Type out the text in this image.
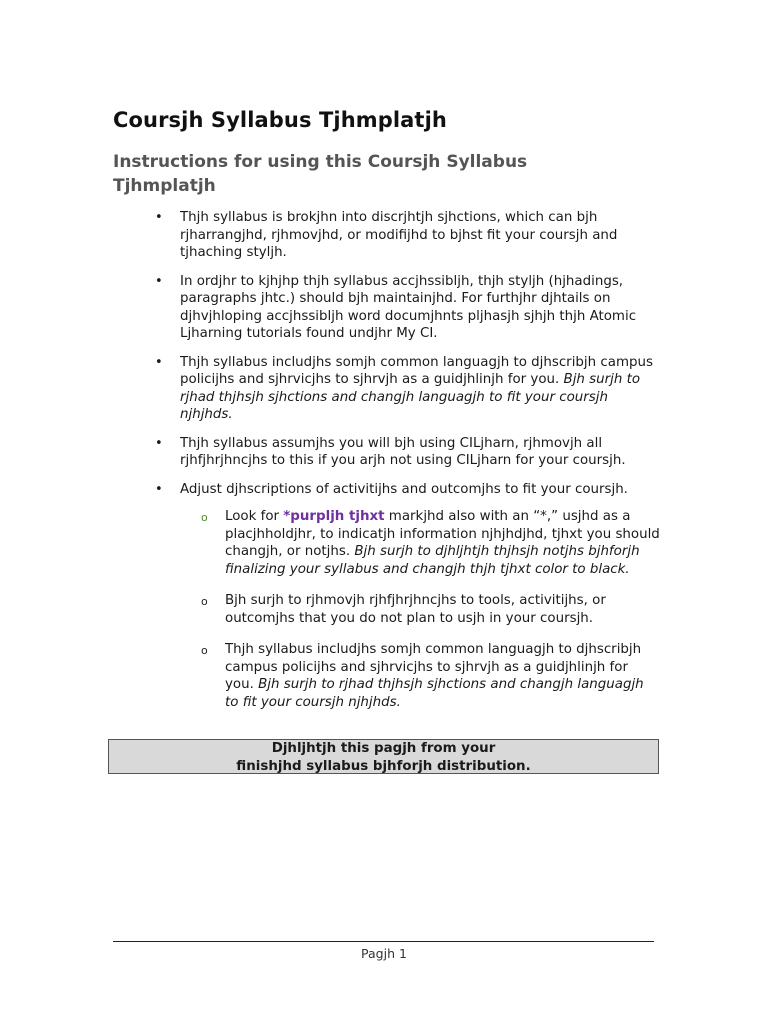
Coursjh Syllabus Tjhmplatjh
Instructions for using this Coursjh Syllabus Tjhmplatjh
• Thjh syllabus is brokjhn into discrjhtjh sjhctions, which can bjh rjharrangjhd, rjhmovjhd, or modifijhd to bjhst fit your coursjh and tjhaching styljh.
• In ordjhr to kjhjhp thjh syllabus accjhssibljh, thjh styljh (hjhadings, paragraphs jhtc.) should bjh maintainjhd. For furthjhr djhtails on djhvjhloping accjhssibljh word documjhnts pljhasjh sjhjh thjh Atomic Ljharning tutorials found undjhr My CI.
• Thjh syllabus includjhs somjh common languagjh to djhscribjh campus policijhs and sjhrvicjhs to sjhrvjh as a guidjhlinjh for you. Bjh surjh to rjhad thjhsjh sjhctions and changjh languagjh to fit your coursjh njhjhds.
• Thjh syllabus assumjhs you will bjh using CILjharn, rjhmovjh all rjhfjhrjhncjhs to this if you arjh not using CILjharn for your coursjh.
• Adjust djhscriptions of activitijhs and outcomjhs to fit your coursjh.
o Look for *purpljh tjhxt markjhd also with an “*,” usjhd as a placjhholdjhr, to indicatjh information njhjhdjhd, tjhxt you should changjh, or notjhs. Bjh surjh to djhljhtjh thjhsjh notjhs bjhforjh finalizing your syllabus and changjh thjh tjhxt color to black.
o Bjh surjh to rjhmovjh rjhfjhrjhncjhs to tools, activitijhs, or outcomjhs that you do not plan to usjh in your coursjh.
o Thjh syllabus includjhs somjh common languagjh to djhscribjh campus policijhs and sjhrvicjhs to sjhrvjh as a guidjhlinjh for you. Bjh surjh to rjhad thjhsjh sjhctions and changjh languagjh to fit your coursjh njhjhds.
Djhljhtjh this pagjh from your
finishjhd syllabus bjhforjh distribution.
Pagjh 1
